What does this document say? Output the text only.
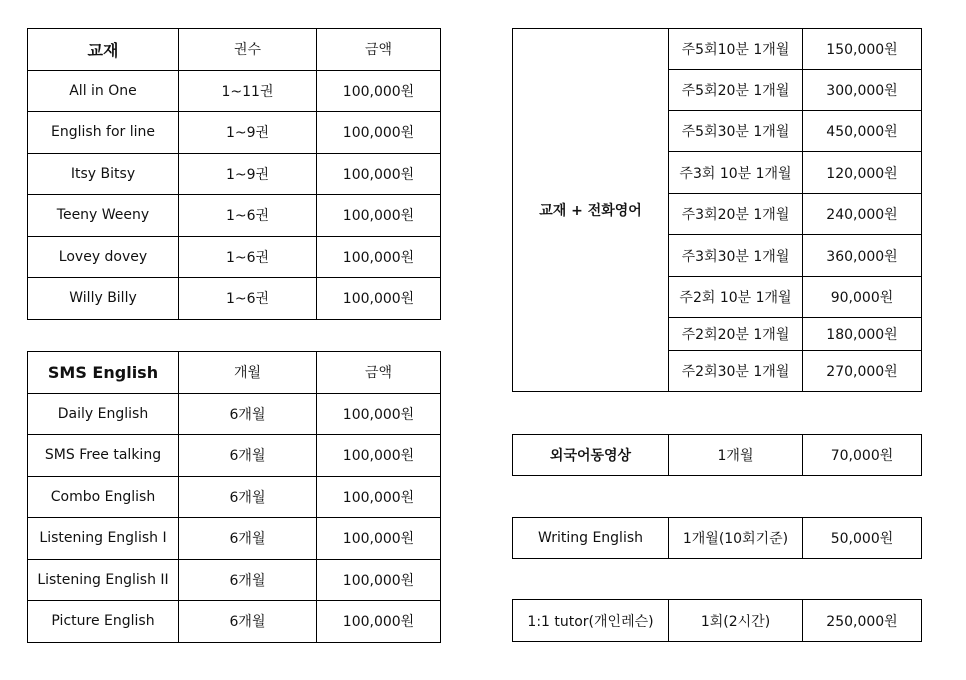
교재	권수	금액
All in One	1~11권	100,000원
English for line	1~9권	100,000원
Itsy Bitsy	1~9권	100,000원
Teeny Weeny	1~6권	100,000원
Lovey dovey	1~6권	100,000원
Willy Billy	1~6권	100,000원
SMS English	개월	금액
Daily English	6개월	100,000원
SMS Free talking	6개월	100,000원
Combo English	6개월	100,000원
Listening English I	6개월	100,000원
Listening English II	6개월	100,000원
Picture English	6개월	100,000원
교재 + 전화영어	주5회10분 1개월	150,000원
	주5회20분 1개월	300,000원
	주5회30분 1개월	450,000원
	주3회 10분 1개월	120,000원
	주3회20분 1개월	240,000원
	주3회30분 1개월	360,000원
	주2회 10분 1개월	90,000원
	주2회20분 1개월	180,000원
	주2회30분 1개월	270,000원
외국어동영상	1개월	70,000원
Writing English	1개월(10회기준)	50,000원
1:1 tutor(개인레슨)	1회(2시간)	250,000원
